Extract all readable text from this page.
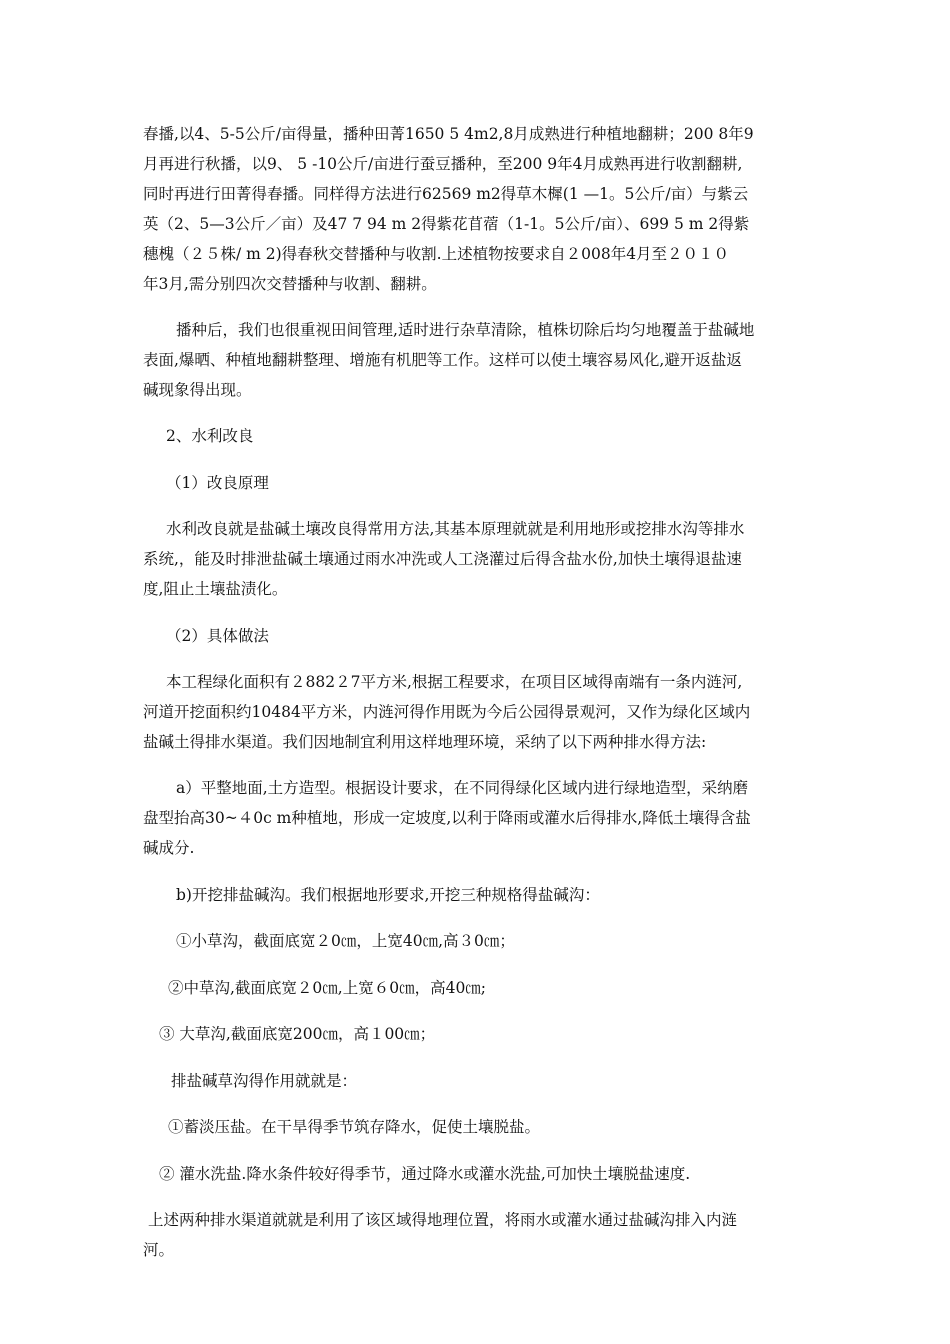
春播,以4、5-5公斤/亩得量，播种田菁1650 5 4m2,8月成熟进行种植地翻耕；200 8年9
月再进行秋播，以9、 5 -10公斤/亩进行蚕豆播种，至200 9年4月成熟再进行收割翻耕,
同时再进行田菁得春播。同样得方法进行62569 m2得草木樨(1 —1。5公斤/亩）与紫云
英（2、5—3公斤／亩）及47 7 94 m 2得紫花苜蓿（1-1。5公斤/亩）、699 5 m 2得紫
穗槐（２５株/ m 2)得春秋交替播种与收割.上述植物按要求自２008年4月至２０１０
年3月,需分别四次交替播种与收割、翻耕。
播种后，我们也很重视田间管理,适时进行杂草清除，植株切除后均匀地覆盖于盐碱地
表面,爆晒、种植地翻耕整理、增施有机肥等工作。这样可以使土壤容易风化,避开返盐返
碱现象得出现。
2、水利改良
（1）改良原理
水利改良就是盐碱土壤改良得常用方法,其基本原理就就是利用地形或挖排水沟等排水
系统,，能及时排泄盐碱土壤通过雨水冲洗或人工浇灌过后得含盐水份,加快土壤得退盐速
度,阻止土壤盐渍化。
（2）具体做法
本工程绿化面积有２882２7平方米,根据工程要求，在项目区域得南端有一条内涟河,
河道开挖面积约10484平方米，内涟河得作用既为今后公园得景观河，又作为绿化区域内
盐碱土得排水渠道。我们因地制宜利用这样地理环境，采纳了以下两种排水得方法:
a）平整地面,土方造型。根据设计要求，在不同得绿化区域内进行绿地造型，采纳磨
盘型抬高30~４0c m种植地，形成一定坡度,以利于降雨或灌水后得排水,降低土壤得含盐
碱成分.
b)开挖排盐碱沟。我们根据地形要求,开挖三种规格得盐碱沟：
①小草沟，截面底宽２0㎝，上宽40㎝,高３0㎝；
②中草沟,截面底宽２0㎝,上宽６0㎝，高40㎝;
③ 大草沟,截面底宽200㎝，高１00㎝；
排盐碱草沟得作用就就是：
①蓄淡压盐。在干旱得季节筑存降水，促使土壤脱盐。
② 灌水洗盐.降水条件较好得季节，通过降水或灌水洗盐,可加快土壤脱盐速度.
上述两种排水渠道就就是利用了该区域得地理位置，将雨水或灌水通过盐碱沟排入内涟
河。
